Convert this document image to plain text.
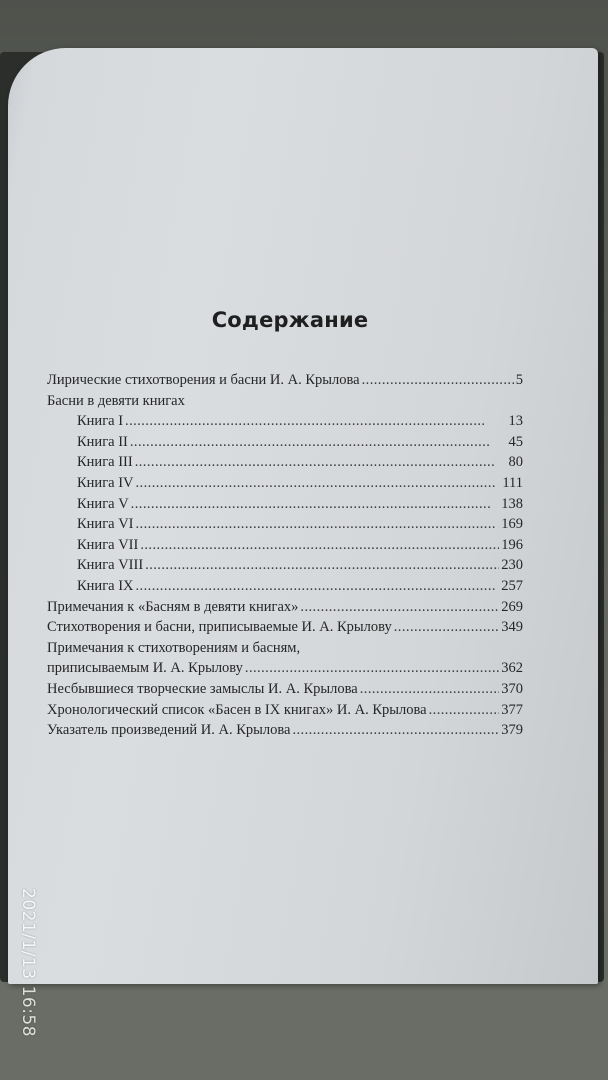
Содержание
Лирические стихотворения и басни И. А. Крылова . . .	5
Басни в девяти книгах
Книга I . . .	13
Книга II . . .	45
Книга III . . .	80
Книга IV . . .	111
Книга V . . .	138
Книга VI . . .	169
Книга VII . . .	196
Книга VIII . . .	230
Книга IX . . .	257
Примечания к «Басням в девяти книгах» . . .	269
Стихотворения и басни, приписываемые И. А. Крылову . . .	349
Примечания к стихотворениям и басням,
приписываемым И. А. Крылову . . .	362
Несбывшиеся творческие замыслы И. А. Крылова . . .	370
Хронологический список «Басен в IX книгах» И. А. Крылова . . .	377
Указатель произведений И. А. Крылова . . .	379
2021/1/13 16:58
